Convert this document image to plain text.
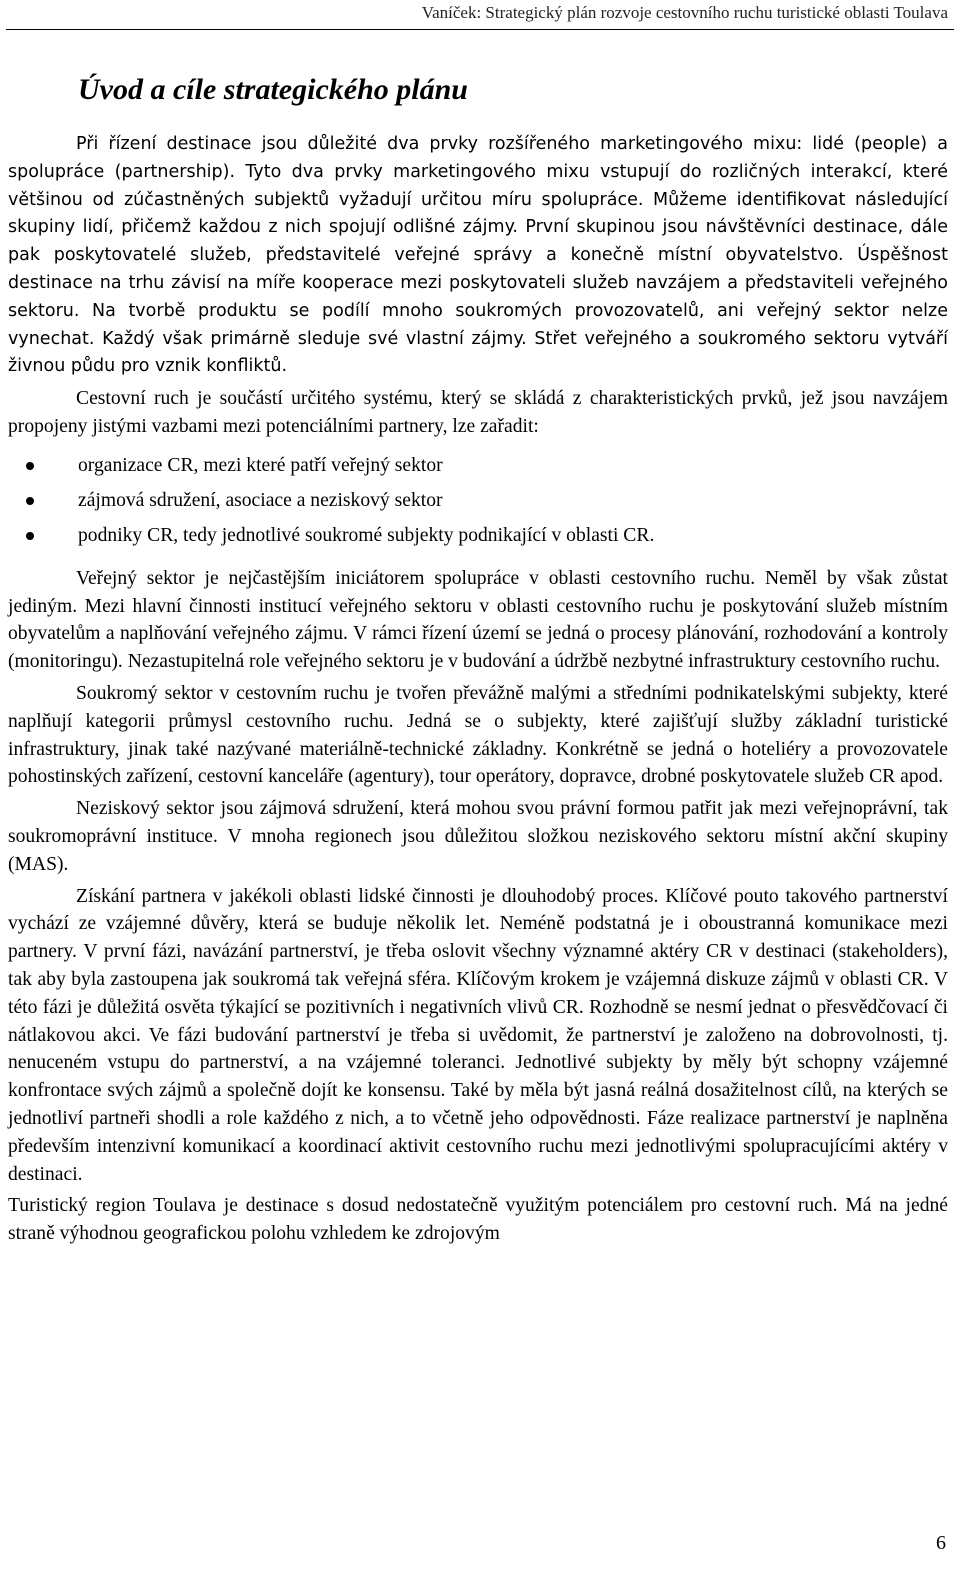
Vaníček: Strategický plán rozvoje cestovního ruchu turistické oblasti Toulava
Úvod a cíle strategického plánu

Při řízení destinace jsou důležité dva prvky rozšířeného marketingového mixu: lidé (people) a spolupráce (partnership). Tyto dva prvky marketingového mixu vstupují do rozličných interakcí, které většinou od zúčastněných subjektů vyžadují určitou míru spolupráce. Můžeme identifikovat následující skupiny lidí, přičemž každou z nich spojují odlišné zájmy. První skupinou jsou návštěvníci destinace, dále pak poskytovatelé služeb, představitelé veřejné správy a konečně místní obyvatelstvo. Úspěšnost destinace na trhu závisí na míře kooperace mezi poskytovateli služeb navzájem a představiteli veřejného sektoru. Na tvorbě produktu se podílí mnoho soukromých provozovatelů, ani veřejný sektor nelze vynechat. Každý však primárně sleduje své vlastní zájmy. Střet veřejného a soukromého sektoru vytváří živnou půdu pro vznik konfliktů.

Cestovní ruch je součástí určitého systému, který se skládá z charakteristických prvků, jež jsou navzájem propojeny jistými vazbami mezi potenciálními partnery, lze zařadit:

organizace CR, mezi které patří veřejný sektor
zájmová sdružení, asociace a neziskový sektor
podniky CR, tedy jednotlivé soukromé subjekty podnikající v oblasti CR.

Veřejný sektor je nejčastějším iniciátorem spolupráce v oblasti cestovního ruchu. Neměl by však zůstat jediným. Mezi hlavní činnosti institucí veřejného sektoru v oblasti cestovního ruchu je poskytování služeb místním obyvatelům a naplňování veřejného zájmu. V rámci řízení území se jedná o procesy plánování, rozhodování a kontroly (monitoringu). Nezastupitelná role veřejného sektoru je v budování a údržbě nezbytné infrastruktury cestovního ruchu.

Soukromý sektor v cestovním ruchu je tvořen převážně malými a středními podnikatelskými subjekty, které naplňují kategorii průmysl cestovního ruchu. Jedná se o subjekty, které zajišťují služby základní turistické infrastruktury, jinak také nazývané materiálně-technické základny. Konkrétně se jedná o hoteliéry a provozovatele pohostinských zařízení, cestovní kanceláře (agentury), tour operátory, dopravce, drobné poskytovatele služeb CR apod.

Neziskový sektor jsou zájmová sdružení, která mohou svou právní formou patřit jak mezi veřejnoprávní, tak soukromoprávní instituce. V mnoha regionech jsou důležitou složkou neziskového sektoru místní akční skupiny (MAS).

Získání partnera v jakékoli oblasti lidské činnosti je dlouhodobý proces. Klíčové pouto takového partnerství vychází ze vzájemné důvěry, která se buduje několik let. Neméně podstatná je i oboustranná komunikace mezi partnery. V první fázi, navázání partnerství, je třeba oslovit všechny významné aktéry CR v destinaci (stakeholders), tak aby byla zastoupena jak soukromá tak veřejná sféra. Klíčovým krokem je vzájemná diskuze zájmů v oblasti CR. V této fázi je důležitá osvěta týkající se pozitivních i negativních vlivů CR. Rozhodně se nesmí jednat o přesvědčovací či nátlakovou akci. Ve fázi budování partnerství je třeba si uvědomit, že partnerství je založeno na dobrovolnosti, tj. nenuceném vstupu do partnerství, a na vzájemné toleranci. Jednotlivé subjekty by měly být schopny vzájemné konfrontace svých zájmů a společně dojít ke konsensu. Také by měla být jasná reálná dosažitelnost cílů, na kterých se jednotliví partneři shodli a role každého z nich, a to včetně jeho odpovědnosti. Fáze realizace partnerství je naplněna především intenzivní komunikací a koordinací aktivit cestovního ruchu mezi jednotlivými spolupracujícími aktéry v destinaci.

Turistický region Toulava je destinace s dosud nedostatečně využitým potenciálem pro cestovní ruch. Má na jedné straně výhodnou geografickou polohu vzhledem ke zdrojovým

6
